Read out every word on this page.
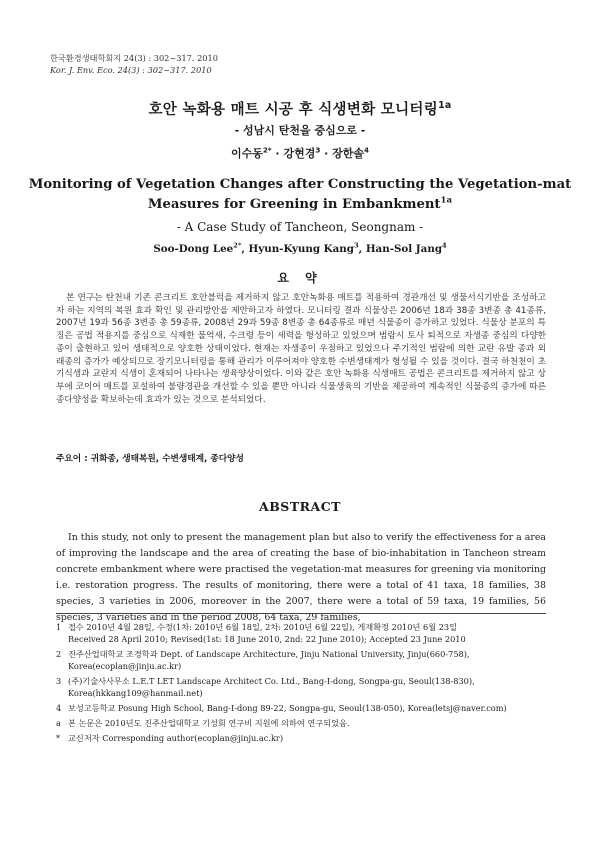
한국환경생태학회지 24(3) : 302~317. 2010
Kor. J. Env. Eco. 24(3) : 302~317. 2010
호안 녹화용 매트 시공 후 식생변화 모니터링$^{1a}$
- 성남시 탄천을 중심으로 -
이수동$^{2*}$ · 강현경$^3$ · 장한솔$^4$
Monitoring of Vegetation Changes after Constructing the Vegetation-mat
Measures for Greening in Embankment$^{1a}$
- A Case Study of Tancheon, Seongnam -
Soo-Dong Lee$^{2*}$, Hyun-Kyung Kang$^3$, Han-Sol Jang$^4$
요 약

본 연구는 탄천내 기존 콘크리트 호안블럭을 제거하지 않고 호안녹화용 매트를 적용하여 경관개선 및 생물서식기반을 조성하고자 하는 지역의 복원 효과 확인 및 관리방안을 제안하고자 하였다. 모니터링 결과 식물상은 2006년 18과 38종 3변종 총 41종류, 2007년 19과 56종 3변종 총 59종류, 2008년 29과 59종 8변종 총 64종류로 매년 식물종이 증가하고 있었다. 식물상 분포의 특징은 공법 적용지를 중심으로 식재한 물억새, 수크령 등이 세력을 형성하고 있었으며 범람시 토사 퇴적으로 자생종 중심의 다양한 종이 출현하고 있어 생태적으로 양호한 상태이었다. 현재는 자생종이 우점하고 있었으나 주기적인 범람에 의한 교란 유발 종과 외래종의 증가가 예상되므로 장기모니터링을 통해 관리가 이루어져야 양호한 수변생태계가 형성될 수 있을 것이다. 결국 하천천이 초기식생과 교란지 식생이 혼재되어 나타나는 생육양상이었다. 이와 같은 호안 녹화용 식생매트 공법은 콘크리트를 제거하지 않고 상부에 코이어 매트를 포설하여 불량경관을 개선할 수 있을 뿐만 아니라 식물생육의 기반을 제공하여 계속적인 식물종의 증가에 따른 종다양성을 확보하는데 효과가 있는 것으로 분석되었다.

주요어 : 귀화종, 생태복원, 수변생태계, 종다양성
ABSTRACT

In this study, not only to present the management plan but also to verify the effectiveness for a area of improving the landscape and the area of creating the base of bio-inhabitation in Tancheon stream concrete embankment where were practised the vegetation-mat measures for greening via monitoring i.e. restoration progress. The results of monitoring, there were a total of 41 taxa, 18 families, 38 species, 3 varieties in 2006, moreover in the 2007, there were a total of 59 taxa, 19 families, 56 species, 3 varieties and in the period 2008, 64 taxa, 29 families,

1 접수 2010년 4월 28일, 수정(1차: 2010년 6월 18일, 2차: 2010년 6월 22일), 게재확정 2010년 6월 23일
Received 28 April 2010; Revised(1st: 18 June 2010, 2nd: 22 June 2010); Accepted 23 June 2010
2 진주산업대학교 조경학과 Dept. of Landscape Architecture, Jinju National University, Jinju(660-758), Korea(ecoplan@jinju.ac.kr)
3 (주)기술사사무소 L.E.T LET Landscape Architect Co. Ltd., Bang-I-dong, Songpa-gu, Seoul(138-830), Korea(hkkang109@hanmail.net)
4 보성고등학교 Posung High School, Bang-I-dong 89-22, Songpa-gu, Seoul(138-050), Korea(letsj@naver.com)
a 본 논문은 2010년도 진주산업대학교 기성회 연구비 지원에 의하여 연구되었음.
* 교신저자 Corresponding author(ecoplan@jinju.ac.kr)
